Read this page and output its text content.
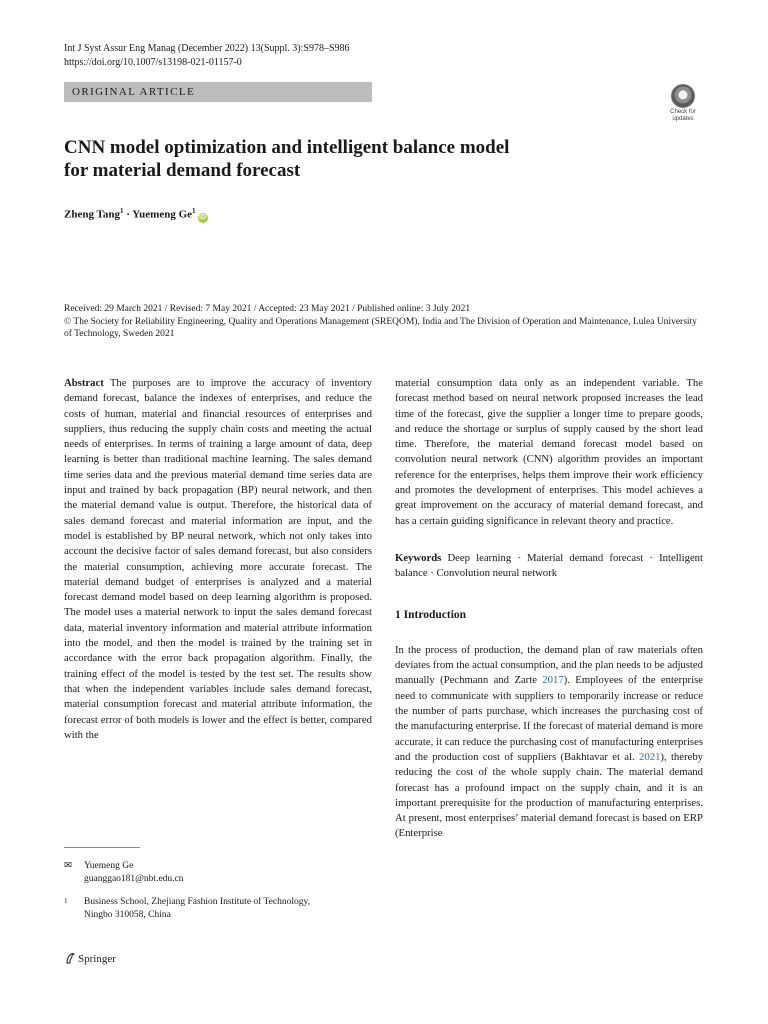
Int J Syst Assur Eng Manag (December 2022) 13(Suppl. 3):S978–S986
https://doi.org/10.1007/s13198-021-01157-0
ORIGINAL ARTICLE
Check for
updates
CNN model optimization and intelligent balance model
for material demand forecast
Zheng Tang$^1$ · Yuemeng Ge$^1$iD
Received: 29 March 2021 / Revised: 7 May 2021 / Accepted: 23 May 2021 / Published online: 3 July 2021
© The Society for Reliability Engineering, Quality and Operations Management (SREQOM), India and The Division of Operation and Maintenance, Lulea University of Technology, Sweden 2021

Abstract The purposes are to improve the accuracy of inventory demand forecast, balance the indexes of enterprises, and reduce the costs of human, material and financial resources of enterprises and suppliers, thus reducing the supply chain costs and meeting the actual needs of enterprises. In terms of training a large amount of data, deep learning is better than traditional machine learning. The sales demand time series data and the previous material demand time series data are input and trained by back propagation (BP) neural network, and then the material demand value is output. Therefore, the historical data of sales demand forecast and material information are input, and the model is established by BP neural network, which not only takes into account the decisive factor of sales demand forecast, but also considers the material consumption, achieving more accurate forecast. The material demand budget of enterprises is analyzed and a material forecast demand model based on deep learning algorithm is proposed. The model uses a material network to input the sales demand forecast data, material inventory information and material attribute information into the model, and then the model is trained by the training set in accordance with the error back propagation algorithm. Finally, the training effect of the model is tested by the test set. The results show that when the independent variables include sales demand forecast, material consumption forecast and material attribute information, the forecast error of both models is lower and the effect is better, compared with the

material consumption data only as an independent variable. The forecast method based on neural network proposed increases the lead time of the forecast, give the supplier a longer time to prepare goods, and reduce the shortage or surplus of supply caused by the short lead time. Therefore, the material demand forecast model based on convolution neural network (CNN) algorithm provides an important reference for the enterprises, helps them improve their work efficiency and promotes the development of enterprises. This model achieves a great improvement on the accuracy of material demand forecast, and has a certain guiding significance in relevant theory and practice.

Keywords Deep learning · Material demand forecast · Intelligent balance · Convolution neural network

1 Introduction

In the process of production, the demand plan of raw materials often deviates from the actual consumption, and the plan needs to be adjusted manually (Pechmann and Zarte 2017). Employees of the enterprise need to communicate with suppliers to temporarily increase or reduce the number of parts purchase, which increases the purchasing cost of the manufacturing enterprise. If the forecast of material demand is more accurate, it can reduce the purchasing cost of manufacturing enterprises and the production cost of suppliers (Bakhtavar et al. 2021), thereby reducing the cost of the whole supply chain. The material demand forecast has a profound impact on the supply chain, and it is an important prerequisite for the production of manufacturing enterprises. At present, most enterprises’ material demand forecast is based on ERP (Enterprise

✉	Yuemeng Ge
guanggao181@nbt.edu.cn
1	Business School, Zhejiang Fashion Institute of Technology,
Ningbo 310058, China
Springer
